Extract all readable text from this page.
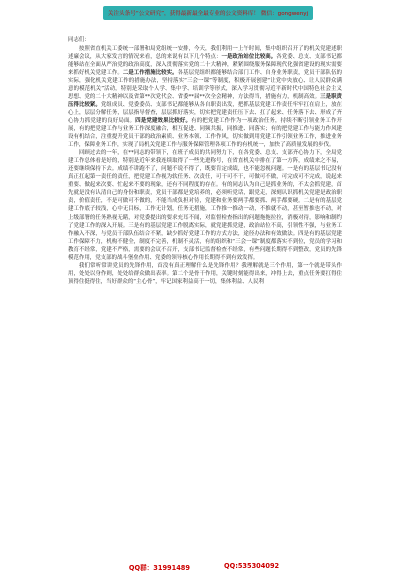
关注头条号“公文研究”，获得最新最全最专业的公文资料库！ 微信：gongwenyj

同志们：

按照省直机关工委统一部署和局党组统一安排，今天，我们利用一上午时间，集中组织召开了的机关党建述职述廉会议，从大家发言的情况来看，总的来说有以下几个特点：一是政治站位比较高。各党委、总支、支部书记都能够站在全面从严治党的政治高度，深入贯彻落实党的二十大精神，紧紧围绕服务保障现代化强省建设的现实需要来抓好机关党建工作。二是工作措施比较实。各基层党组织都能够结合部门工作、自身业务职责，党员干部队伍的实际，强化机关党建工作的措施办法，坚持落实“三会一课”等制度，积极开展创建“让党中央放心、让人民群众满意的模范机关”活动，特别是采取个人学、集中学、培训学等形式，深入学习贯彻习近平新时代中国特色社会主义思想、党的二十大精神以及省第**次党代会、省委**届**次全会精神，方法得当，措施有力，机制高效。三是职责压得比较紧。党组成员、党委委员、支部书记都能够从各自职责出发，把抓基层党建工作责任牢牢扛在肩上，放在心上，层层分解任务，层层指导督查，层层抓好落实，切实把党建责任压下去、扛了起来、任务落下去、形成了齐心协力抓党建的良好局面。四是党建效果比较好。有的把党建工作作为一项政治任务，持续不断引领业务工作开展，有的把党建工作与业务工作深度融合，相互促进、同频共振，同推进、同落实；有的把党建工作与能力作风建设有机结合，注重提升党员干部的政治素质、业务本领、工作作风，切实做到用党建工作引领业务工作，推进业务工作，保障业务工作，实现了局机关党建工作与服务保障管理各项工作的有机统一，加快了高质量发展的步伐。

回顾过去的一年，在**同志的带领下，在班子成员的共同努力下，在各党委、总支、支部齐心协力下，全局党建工作总体看是好的，特别是近年来我连续取得了一些先进称号，在省直机关中排在了第一方阵，成绩来之不易，还要继续保持下去。成绩不讲跑不了，问题不说不得了，既要肯定成绩，也不能忽视问题。一是有的基层书记没有真正扛起第一责任的责任，把党建工作视为软任务、次责任，可干可不干，可做可不做，可完成可不完成，说起来重要、做起来次要、忙起来不要的现象，还有不同程度的存在。有的同志认为自己是抓业务的，不太会抓党建，首先就是没有认清自己的身份和职责，党员干部都是党培养的，必须听党话，跟党走，深刻认识抓机关党建是政治职责，价值责任，不是可做可不做的，不能当成负担对待，党建和业务要两手都要抓、两手都要硬。二是有的基层党建工作底子较浅，心中无目标，工作无计划，任务无措施，工作推一推动一动，不推就不动，甚至暂推也不动，对上级部署的任务熟视无睹，对党委提出的要求充耳不闻，对监督检查指出的问题拖拖拉拉，消极对待，影响和制约了党建工作的深入开展。三是有的基层党建工作脱离实际，就党建抓党建，政治站位不高，引领性不强，与业务工作融入不深，与党员干部队伍结合不紧，缺少抓好党建工作的方式方法，途径办法和有效做法。四是有的基层党建工作保障不力，机构不健全，制度不完善，机制不灵活，有的组织和“三会一课”制度都落实不到位，党员的学习和教育不经常，党建不严格，需要的会议不召开，支部书记监督检查不经常，有些问题长期得不到整改，党员的先锋模范作用，党支部的战斗堡垒作用、党委的领导核心作用长期得不到有效发挥。

我们常听常讲党员的先锋作用，首没有真正理解什么是先锋作用？我理解就是三个作用，第一个就是带头作用，处处以身作则，处处给群众做出表率。第二个是骨干作用，关键时刻能得出来，冲得上去，重点任务要扛得住顶得住挺得住，当好群众的“主心骨”，牢记国家利益高于一切，集体利益、人民利

QQ群：31991489	QQ:535304092
